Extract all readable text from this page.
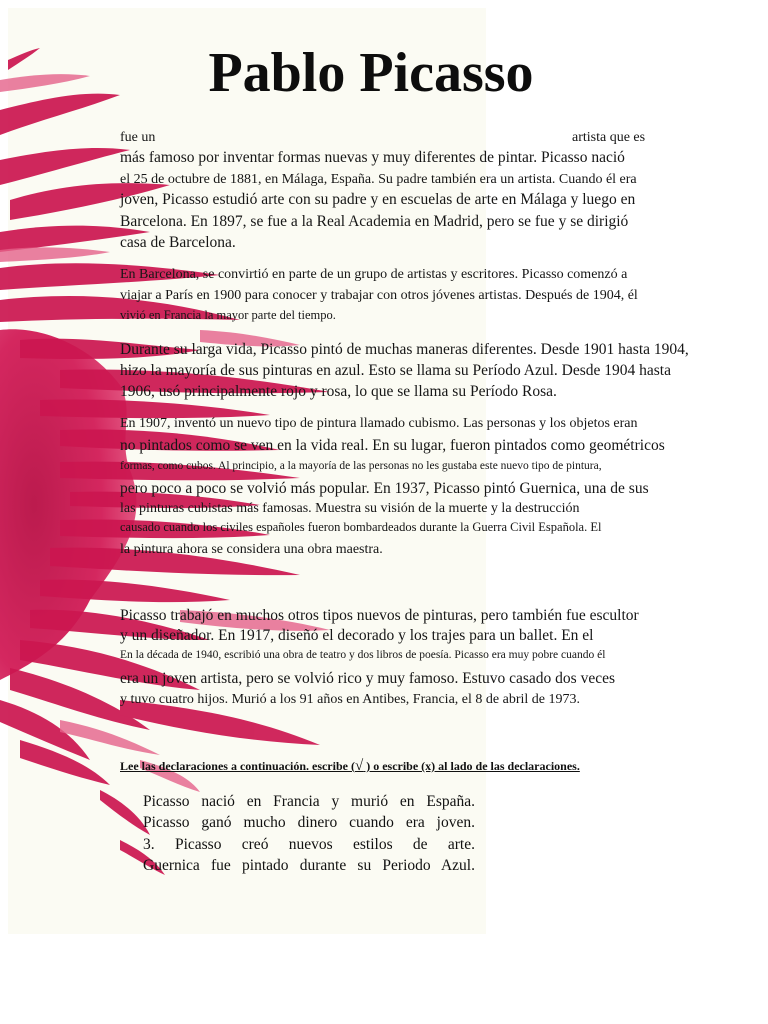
Pablo Picasso

fue un	artista que es

más famoso por inventar formas nuevas y muy diferentes de pintar. Picasso nació

el 25 de octubre de 1881, en Málaga, España. Su padre también era un artista. Cuando él era

joven, Picasso estudió arte con su padre y en escuelas de arte en Málaga y luego en

Barcelona. En 1897, se fue a la Real Academia en Madrid, pero se fue y se dirigió

casa de Barcelona.

En Barcelona, se convirtió en parte de un grupo de artistas y escritores. Picasso comenzó a

viajar a París en 1900 para conocer y trabajar con otros jóvenes artistas. Después de 1904, él

vivió en Francia la mayor parte del tiempo.

Durante su larga vida, Picasso pintó de muchas maneras diferentes. Desde 1901 hasta 1904,

hizo la mayoría de sus pinturas en azul. Esto se llama su Período Azul. Desde 1904 hasta

1906, usó principalmente rojo y rosa, lo que se llama su Período Rosa.

En 1907, inventó un nuevo tipo de pintura llamado cubismo. Las personas y los objetos eran

no pintados como se ven en la vida real. En su lugar, fueron pintados como geométricos

formas, como cubos. Al principio, a la mayoría de las personas no les gustaba este nuevo tipo de pintura,

pero poco a poco se volvió más popular. En 1937, Picasso pintó Guernica, una de sus

las pinturas cubistas más famosas. Muestra su visión de la muerte y la destrucción

causado cuando los civiles españoles fueron bombardeados durante la Guerra Civil Española. El

la pintura ahora se considera una obra maestra.

Picasso trabajó en muchos otros tipos nuevos de pinturas, pero también fue escultor

y un diseñador. En 1917, diseñó el decorado y los trajes para un ballet. En el

En la década de 1940, escribió una obra de teatro y dos libros de poesía. Picasso era muy pobre cuando él

era un joven artista, pero se volvió rico y muy famoso. Estuvo casado dos veces

y tuvo cuatro hijos. Murió a los 91 años en Antibes, Francia, el 8 de abril de 1973.

Lee las declaraciones a continuación. escribe (√ ) o escribe (x) al lado de las declaraciones.

Picasso nació en Francia y murió en España.

Picasso ganó mucho dinero cuando era joven.

3. Picasso creó nuevos estilos de arte.

Guernica fue pintado durante su Periodo Azul.
